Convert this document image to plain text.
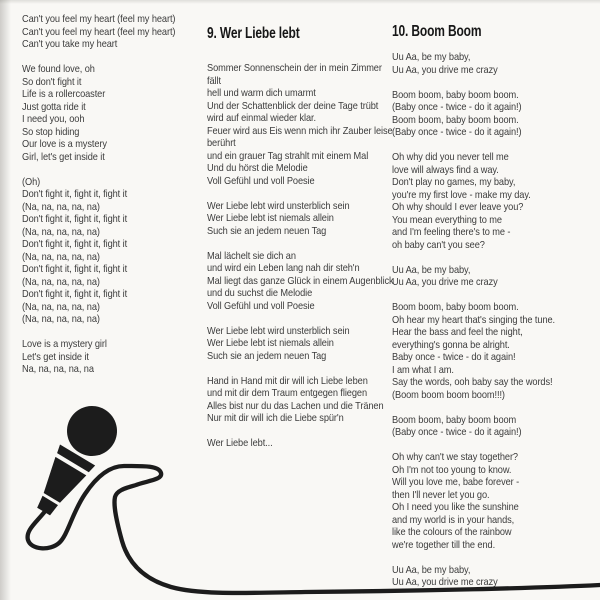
Can't you feel my heart (feel my heart)
Can't you feel my heart (feel my heart)
Can't you take my heart
We found love, oh
So don't fight it
Life is a rollercoaster
Just gotta ride it
I need you, ooh
So stop hiding
Our love is a mystery
Girl, let's get inside it
(Oh)
Don't fight it, fight it, fight it
(Na, na, na, na, na)
Don't fight it, fight it, fight it
(Na, na, na, na, na)
Don't fight it, fight it, fight it
(Na, na, na, na, na)
Don't fight it, fight it, fight it
(Na, na, na, na, na)
Don't fight it, fight it, fight it
(Na, na, na, na, na)
(Na, na, na, na, na)
Love is a mystery girl
Let's get inside it
Na, na, na, na, na
9. Wer Liebe lebt
Sommer Sonnenschein der in mein Zimmer
fällt
hell und warm dich umarmt
Und der Schattenblick der deine Tage trübt
wird auf einmal wieder klar.
Feuer wird aus Eis wenn mich ihr Zauber leise
berührt
und ein grauer Tag strahlt mit einem Mal
Und du hörst die Melodie
Voll Gefühl und voll Poesie
Wer Liebe lebt wird unsterblich sein
Wer Liebe lebt ist niemals allein
Such sie an jedem neuen Tag
Mal lächelt sie dich an
und wird ein Leben lang nah dir steh'n
Mal liegt das ganze Glück in einem Augenblick
und du suchst die Melodie
Voll Gefühl und voll Poesie
Wer Liebe lebt wird unsterblich sein
Wer Liebe lebt ist niemals allein
Such sie an jedem neuen Tag
Hand in Hand mit dir will ich Liebe leben
und mit dir dem Traum entgegen fliegen
Alles bist nur du das Lachen und die Tränen
Nur mit dir will ich die Liebe spür'n
Wer Liebe lebt...
10. Boom Boom
Uu Aa, be my baby,
Uu Aa, you drive me crazy
Boom boom, baby boom boom.
(Baby once - twice - do it again!)
Boom boom, baby boom boom.
(Baby once - twice - do it again!)
Oh why did you never tell me
love will always find a way.
Don't play no games, my baby,
you're my first love - make my day.
Oh why should I ever leave you?
You mean everything to me
and I'm feeling there's to me -
oh baby can't you see?
Uu Aa, be my baby,
Uu Aa, you drive me crazy
Boom boom, baby boom boom.
Oh hear my heart that's singing the tune.
Hear the bass and feel the night,
everything's gonna be alright.
Baby once - twice - do it again!
I am what I am.
Say the words, ooh baby say the words!
(Boom boom boom boom!!!)
Boom boom, baby boom boom
(Baby once - twice - do it again!)
Oh why can't we stay together?
Oh I'm not too young to know.
Will you love me, babe forever -
then I'll never let you go.
Oh I need you like the sunshine
and my world is in your hands,
like the colours of the rainbow
we're together till the end.
Uu Aa, be my baby,
Uu Aa, you drive me crazy
